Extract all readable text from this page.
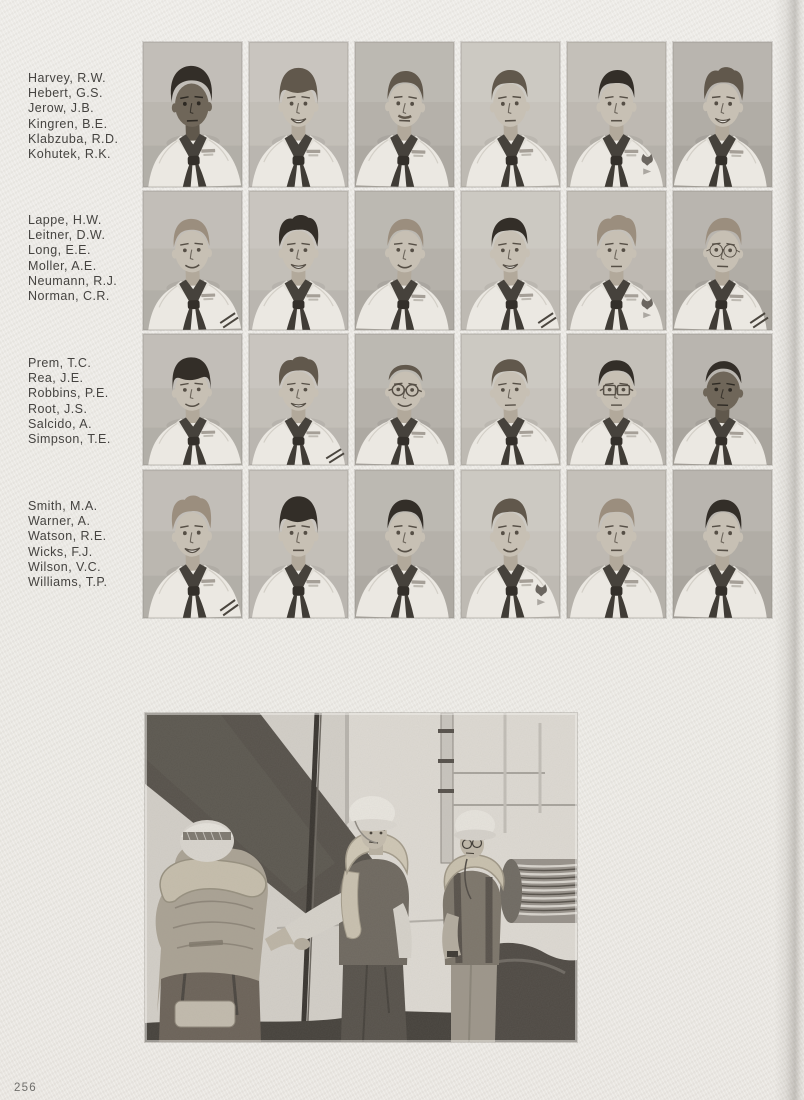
Harvey, R.W.
Hebert, G.S.
Jerow, J.B.
Kingren, B.E.
Klabzuba, R.D.
Kohutek, R.K.
Lappe, H.W.
Leitner, D.W.
Long, E.E.
Moller, A.E.
Neumann, R.J.
Norman, C.R.
Prem, T.C.
Rea, J.E.
Robbins, P.E.
Root, J.S.
Salcido, A.
Simpson, T.E.
Smith, M.A.
Warner, A.
Watson, R.E.
Wicks, F.J.
Wilson, V.C.
Williams, T.P.
256
